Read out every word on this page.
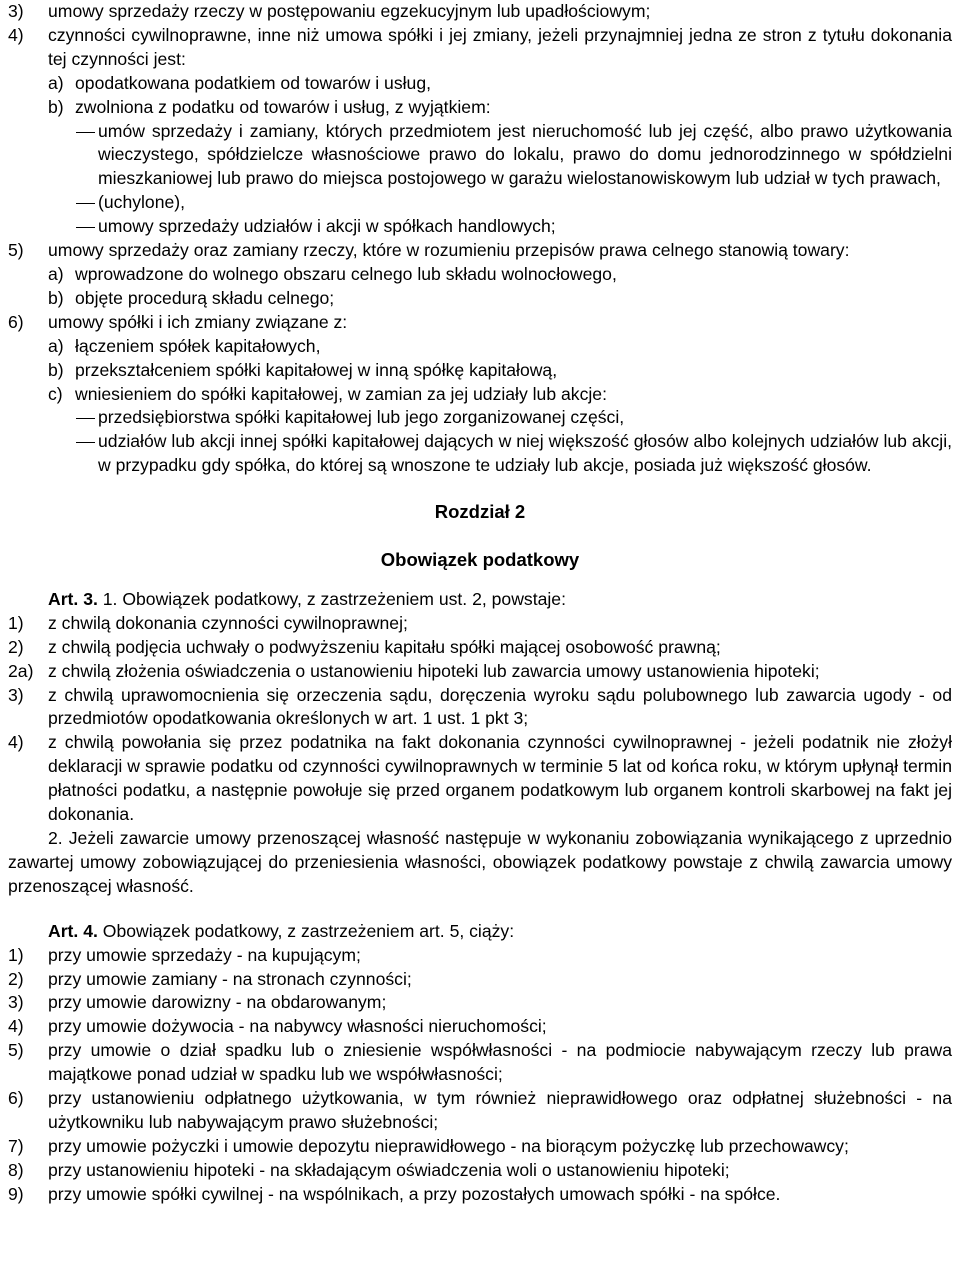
3)	umowy sprzedaży rzeczy w postępowaniu egzekucyjnym lub upadłościowym;
4)	czynności cywilnoprawne, inne niż umowa spółki i jej zmiany, jeżeli przynajmniej jedna ze stron z tytułu dokonania tej czynności jest:
a) opodatkowana podatkiem od towarów i usług,
b) zwolniona z podatku od towarów i usług, z wyjątkiem:
umów sprzedaży i zamiany, których przedmiotem jest nieruchomość lub jej część, albo prawo użytkowania wieczystego, spółdzielcze własnościowe prawo do lokalu, prawo do domu jednorodzinnego w spółdzielni mieszkaniowej lub prawo do miejsca postojowego w garażu wielostanowiskowym lub udział w tych prawach,
(uchylone),
umowy sprzedaży udziałów i akcji w spółkach handlowych;
5)	umowy sprzedaży oraz zamiany rzeczy, które w rozumieniu przepisów prawa celnego stanowią towary:
a) wprowadzone do wolnego obszaru celnego lub składu wolnocłowego,
b) objęte procedurą składu celnego;
6)	umowy spółki i ich zmiany związane z:
a) łączeniem spółek kapitałowych,
b) przekształceniem spółki kapitałowej w inną spółkę kapitałową,
c) wniesieniem do spółki kapitałowej, w zamian za jej udziały lub akcje:
przedsiębiorstwa spółki kapitałowej lub jego zorganizowanej części,
udziałów lub akcji innej spółki kapitałowej dających w niej większość głosów albo kolejnych udziałów lub akcji, w przypadku gdy spółka, do której są wnoszone te udziały lub akcje, posiada już większość głosów.
Rozdział 2
Obowiązek podatkowy
Art. 3. 1. Obowiązek podatkowy, z zastrzeżeniem ust. 2, powstaje:
1)	z chwilą dokonania czynności cywilnoprawnej;
2)	z chwilą podjęcia uchwały o podwyższeniu kapitału spółki mającej osobowość prawną;
2a) z chwilą złożenia oświadczenia o ustanowieniu hipoteki lub zawarcia umowy ustanowienia hipoteki;
3)	z chwilą uprawomocnienia się orzeczenia sądu, doręczenia wyroku sądu polubownego lub zawarcia ugody - od przedmiotów opodatkowania określonych w art. 1 ust. 1 pkt 3;
4)	z chwilą powołania się przez podatnika na fakt dokonania czynności cywilnoprawnej - jeżeli podatnik nie złożył deklaracji w sprawie podatku od czynności cywilnoprawnych w terminie 5 lat od końca roku, w którym upłynął termin płatności podatku, a następnie powołuje się przed organem podatkowym lub organem kontroli skarbowej na fakt jej dokonania.
2. Jeżeli zawarcie umowy przenoszącej własność następuje w wykonaniu zobowiązania wynikającego z uprzednio zawartej umowy zobowiązującej do przeniesienia własności, obowiązek podatkowy powstaje z chwilą zawarcia umowy przenoszącej własność.
Art. 4. Obowiązek podatkowy, z zastrzeżeniem art. 5, ciąży:
1)	przy umowie sprzedaży - na kupującym;
2)	przy umowie zamiany - na stronach czynności;
3)	przy umowie darowizny - na obdarowanym;
4)	przy umowie dożywocia - na nabywcy własności nieruchomości;
5)	przy umowie o dział spadku lub o zniesienie współwłasności - na podmiocie nabywającym rzeczy lub prawa majątkowe ponad udział w spadku lub we współwłasności;
6)	przy ustanowieniu odpłatnego użytkowania, w tym również nieprawidłowego oraz odpłatnej służebności - na użytkowniku lub nabywającym prawo służebności;
7)	przy umowie pożyczki i umowie depozytu nieprawidłowego - na biorącym pożyczkę lub przechowawcy;
8)	przy ustanowieniu hipoteki - na składającym oświadczenia woli o ustanowieniu hipoteki;
9)	przy umowie spółki cywilnej - na wspólnikach, a przy pozostałych umowach spółki - na spółce.
